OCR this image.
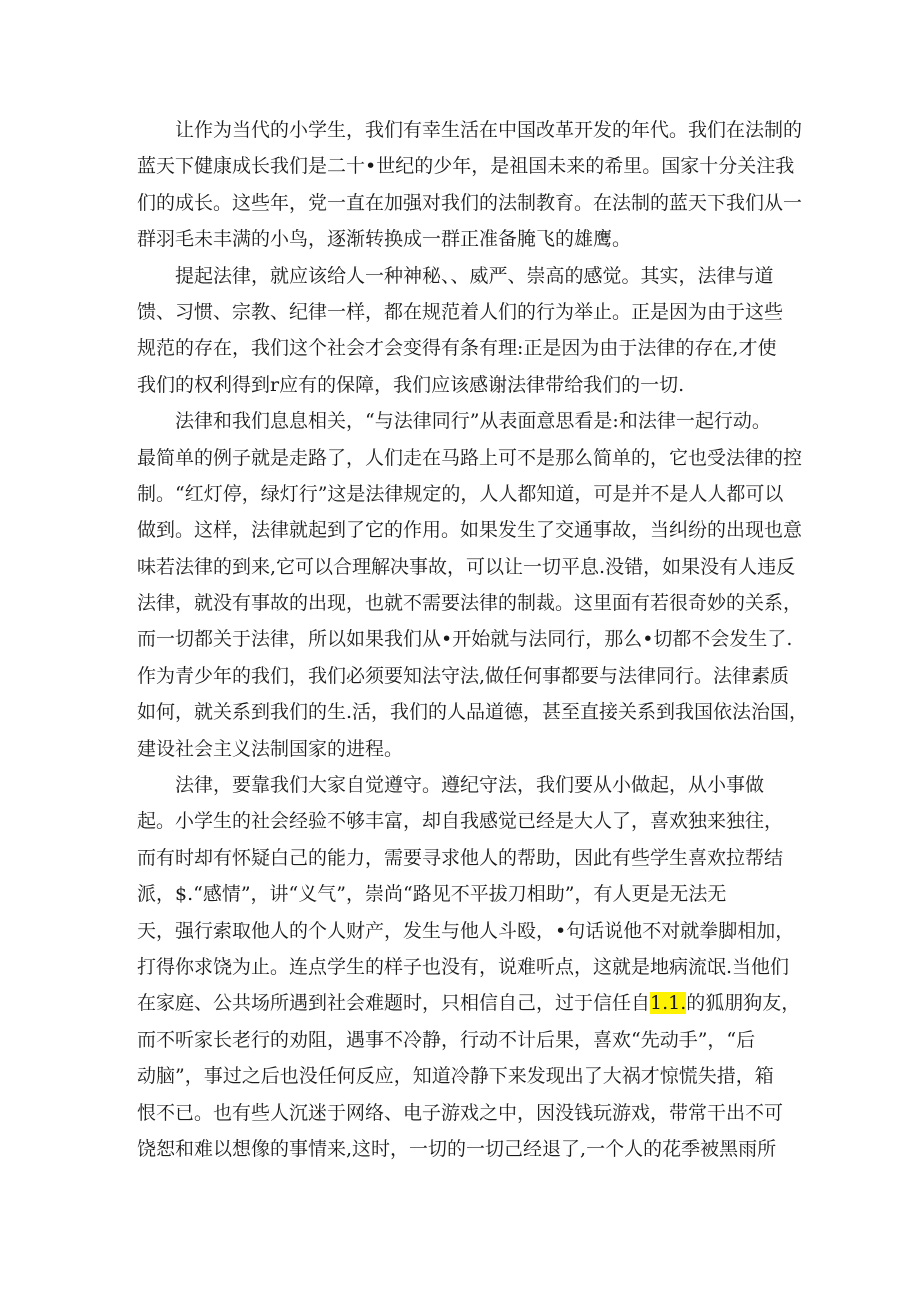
让作为当代的小学生，我们有幸生活在中国改革开发的年代。我们在法制的
蓝天下健康成长我们是二十•世纪的少年，是祖国未来的希里。国家十分关注我
们的成长。这些年，党一直在加强对我们的法制教育。在法制的蓝天下我们从一
群羽毛未丰满的小鸟，逐渐转换成一群正准备腌飞的雄鹰。
提起法律，就应该给人一种神秘、、威严、崇高的感觉。其实，法律与道
馈、习惯、宗教、纪律一样，都在规范着人们的行为举止。正是因为由于这些
规范的存在，我们这个社会才会变得有条有理:正是因为由于法律的存在,才使
我们的权利得到r应有的保障，我们应该感谢法律带给我们的一切.
法律和我们息息相关，“与法律同行”从表面意思看是:和法律一起行动。
最简单的例子就是走路了，人们走在马路上可不是那么简单的，它也受法律的控
制。“红灯停，绿灯行”这是法律规定的，人人都知道，可是并不是人人都可以
做到。这样，法律就起到了它的作用。如果发生了交通事故，当纠纷的出现也意
味若法律的到来,它可以合理解决事故，可以让一切平息.没错，如果没有人违反
法律，就没有事故的出现，也就不需要法律的制裁。这里面有若很奇妙的关系，
而一切都关于法律，所以如果我们从•开始就与法同行，那么•切都不会发生了.
作为青少年的我们，我们必须要知法守法,做任何事都要与法律同行。法律素质
如何，就关系到我们的生.活，我们的人品道德，甚至直接关系到我国依法治国，
建设社会主义法制国家的进程。
法律，要靠我们大家自觉遵守。遵纪守法，我们要从小做起，从小事做
起。小学生的社会经验不够丰富，却自我感觉已经是大人了，喜欢独来独往，
而有时却有怀疑白己的能力，需要寻求他人的帮助，因此有些学生喜欢拉帮结
派，$.“感情”，讲“义气”，崇尚“路见不平拔刀相助”，有人更是无法无
天，强行索取他人的个人财产，发生与他人斗殴，•句话说他不对就拳脚相加，
打得你求饶为止。连点学生的样子也没有，说难听点，这就是地病流氓.当他们
在家庭、公共场所遇到社会难题时，只相信自己，过于信任自1.1.的狐朋狗友，
而不听家长老行的劝阻，遇事不冷静，行动不计后果，喜欢“先动手”，“后
动脑”，事过之后也没任何反应，知道冷静下来发现出了大祸才惊慌失措，箱
恨不已。也有些人沉迷于网络、电子游戏之中，因没钱玩游戏，带常干出不可
饶恕和难以想像的事情来,这时，一切的一切己经退了,一个人的花季被黑雨所
